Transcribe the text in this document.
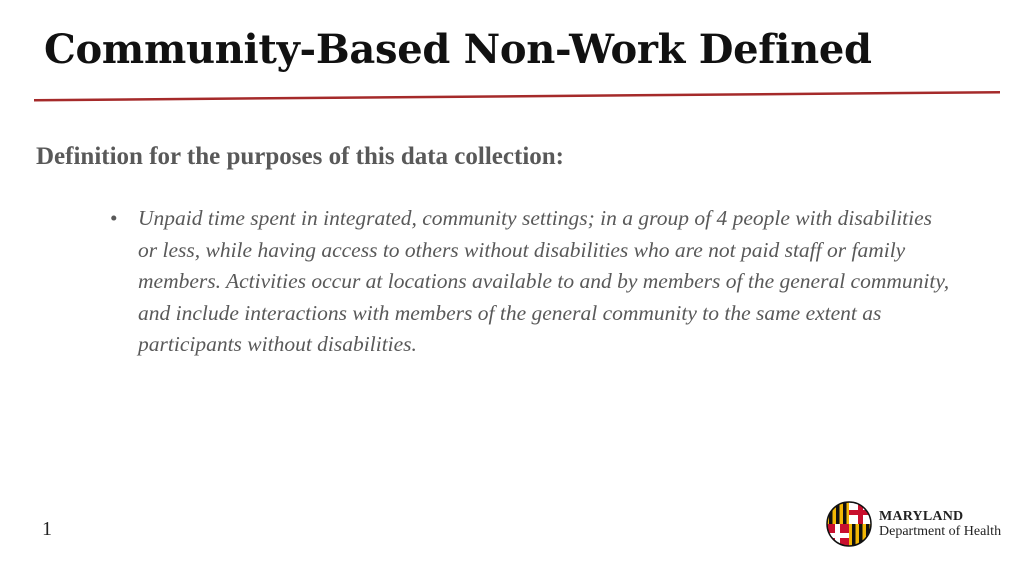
Community-Based Non-Work Defined
Definition for the purposes of this data collection:
• Unpaid time spent in integrated, community settings; in a group of 4 people with disabilities or less, while having access to others without disabilities who are not paid staff or family members. Activities occur at locations available to and by members of the general community, and include interactions with members of the general community to the same extent as participants without disabilities.
1
MARYLAND
Department of Health
